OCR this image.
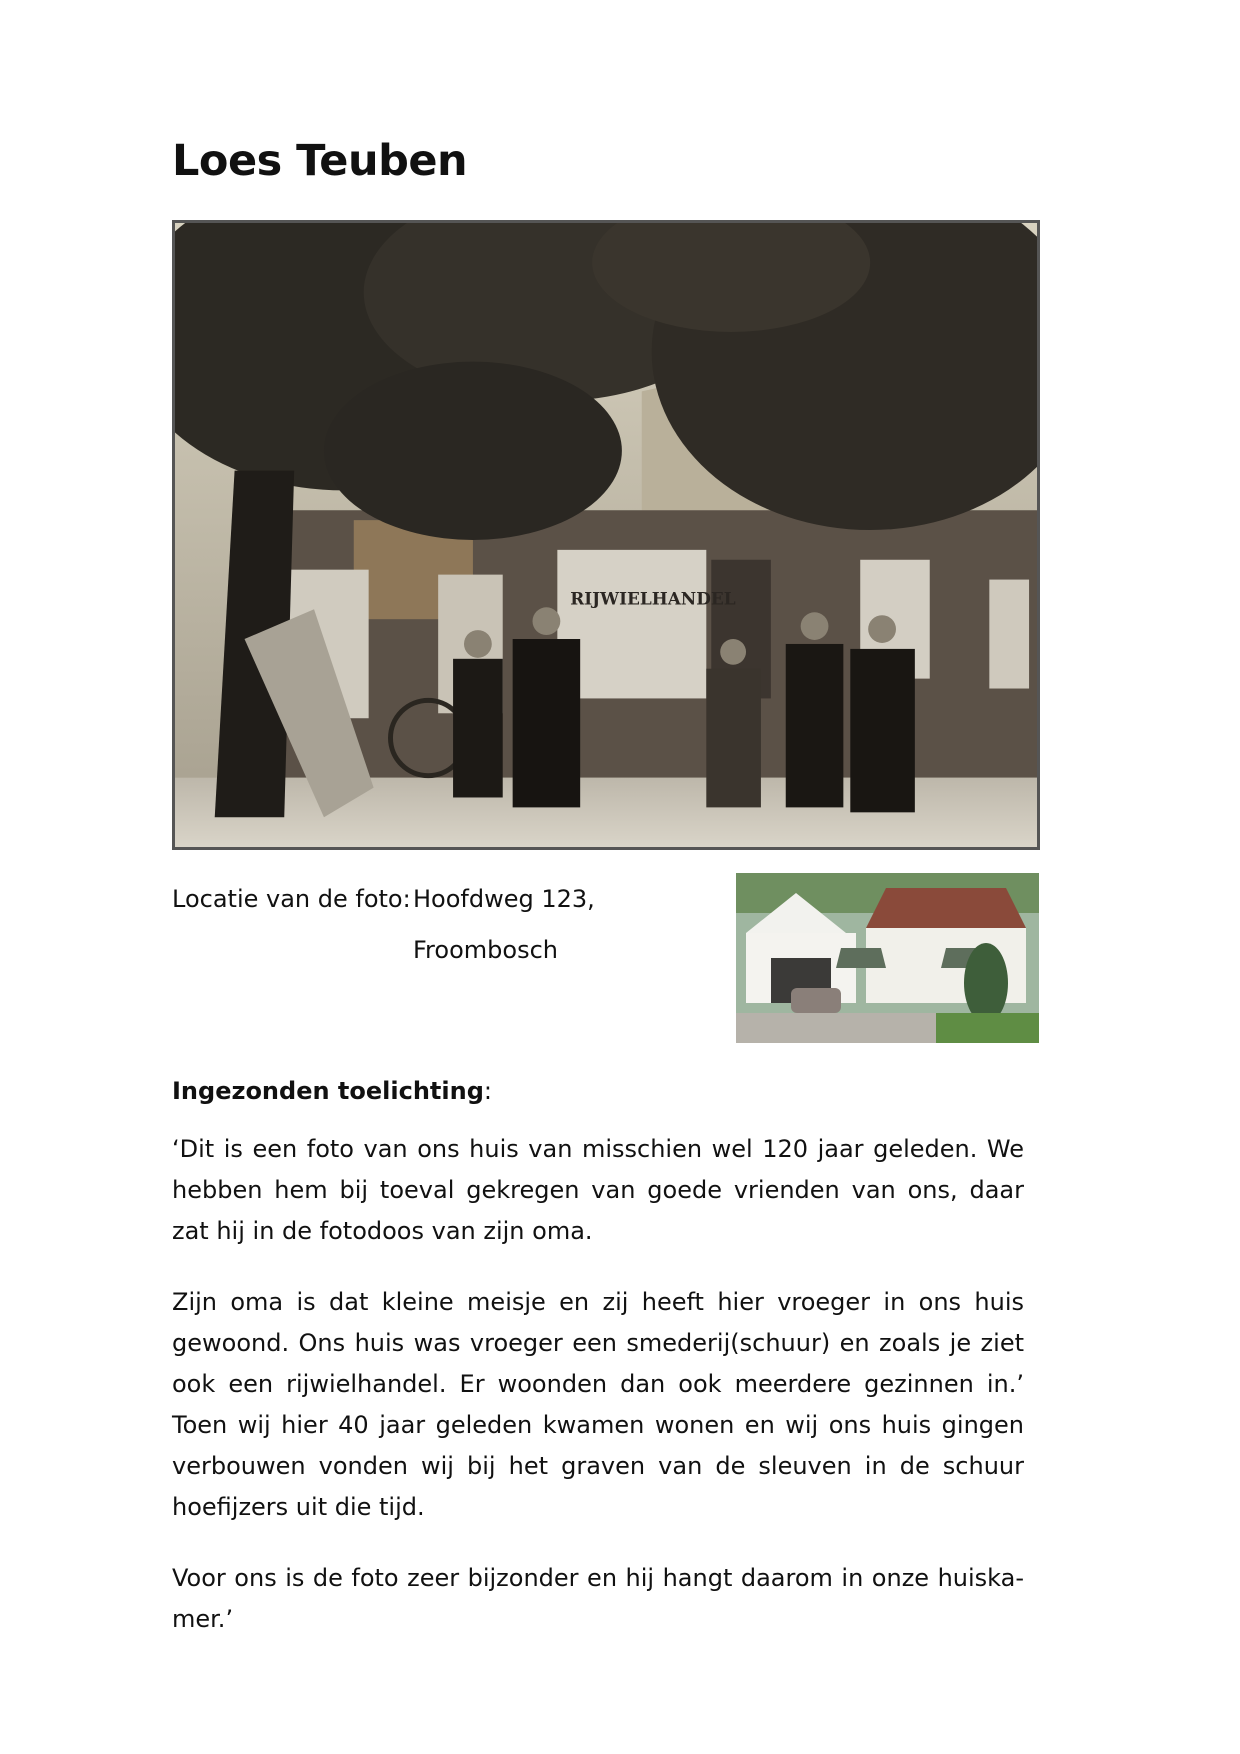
Loes Teuben
RIJWIELHANDEL
Locatie van de foto: Hoofdweg 123,
Froombosch
Ingezonden toelichting:

‘Dit is een foto van ons huis van misschien wel 120 jaar geleden. We hebben hem bij toeval gekregen van goede vrienden van ons, daar zat hij in de fotodoos van zijn oma.

Zijn oma is dat kleine meisje en zij heeft hier vroeger in ons huis gewoond. Ons huis was vroeger een smederij(schuur) en zoals je ziet ook een rijwielhandel. Er woonden dan ook meerdere gezinnen in.’ Toen wij hier 40 jaar geleden kwamen wonen en wij ons huis gingen verbouwen vonden wij bij het graven van de sleuven in de schuur hoefijzers uit die tijd.

Voor ons is de foto zeer bijzonder en hij hangt daarom in onze huiska-mer.’
